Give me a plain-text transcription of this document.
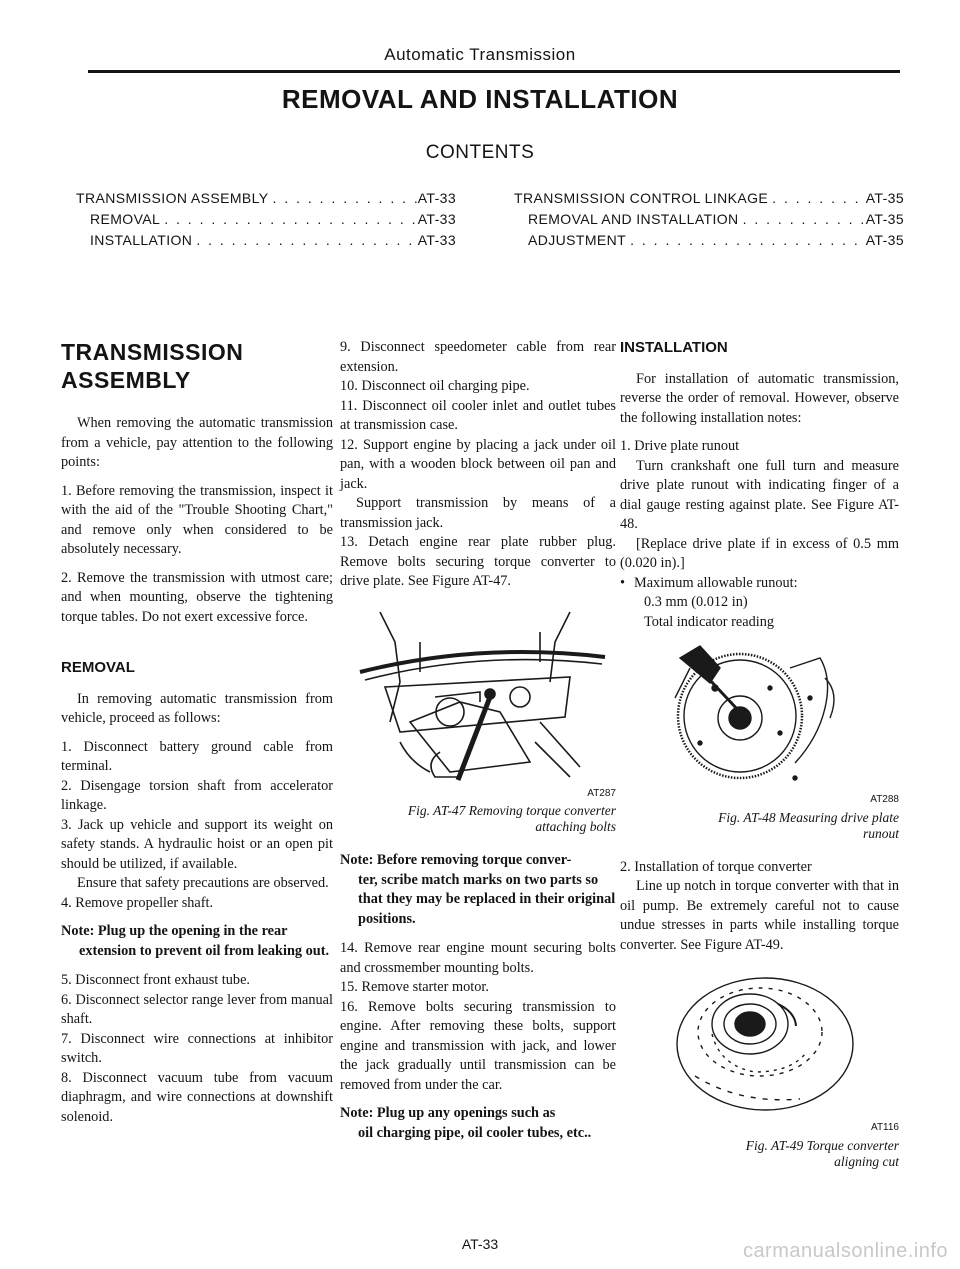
Automatic Transmission
REMOVAL AND INSTALLATION
CONTENTS
TRANSMISSION ASSEMBLY . . .	AT-33
REMOVAL . . .	AT-33
INSTALLATION . . .	AT-33
TRANSMISSION CONTROL LINKAGE . . .	AT-35
REMOVAL AND INSTALLATION . . .	AT-35
ADJUSTMENT . . .	AT-35
TRANSMISSION
ASSEMBLY

When removing the automatic transmission from a vehicle, pay attention to the following points:

1. Before removing the transmission, inspect it with the aid of the "Trouble Shooting Chart," and remove only when considered to be absolutely necessary.

2. Remove the transmission with utmost care; and when mounting, observe the tightening torque tables. Do not exert excessive force.

REMOVAL

In removing automatic transmission from vehicle, proceed as follows:

1. Disconnect battery ground cable from terminal.

2. Disengage torsion shaft from accelerator linkage.

3. Jack up vehicle and support its weight on safety stands. A hydraulic hoist or an open pit should be utilized, if available.

Ensure that safety precautions are observed.

4. Remove propeller shaft.

Note: Plug up the opening in the rear
extension to prevent oil from leaking out.

5. Disconnect front exhaust tube.

6. Disconnect selector range lever from manual shaft.

7. Disconnect wire connections at inhibitor switch.

8. Disconnect vacuum tube from vacuum diaphragm, and wire connections at downshift solenoid.

9. Disconnect speedometer cable from rear extension.

10. Disconnect oil charging pipe.

11. Disconnect oil cooler inlet and outlet tubes at transmission case.

12. Support engine by placing a jack under oil pan, with a wooden block between oil pan and jack.

Support transmission by means of a transmission jack.

13. Detach engine rear plate rubber plug. Remove bolts securing torque converter to drive plate. See Figure AT-47.

AT287
Fig. AT-47 Removing torque converter
attaching bolts
Note: Before removing torque conver-
ter, scribe match marks on two parts so that they may be replaced in their original positions.

14. Remove rear engine mount securing bolts and crossmember mounting bolts.

15. Remove starter motor.

16. Remove bolts securing transmission to engine. After removing these bolts, support engine and transmission with jack, and lower the jack gradually until transmission can be removed from under the car.

Note: Plug up any openings such as
oil charging pipe, oil cooler tubes, etc..
INSTALLATION

For installation of automatic transmission, reverse the order of removal. However, observe the following installation notes:

1. Drive plate runout

Turn crankshaft one full turn and measure drive plate runout with indicating finger of a dial gauge resting against plate. See Figure AT-48.

[Replace drive plate if in excess of 0.5 mm (0.020 in).]

• Maximum allowable runout:
0.3 mm (0.012 in)
Total indicator reading
AT288
Fig. AT-48 Measuring drive plate
runout

2. Installation of torque converter

Line up notch in torque converter with that in oil pump. Be extremely careful not to cause undue stresses in parts while installing torque converter. See Figure AT-49.

AT116
Fig. AT-49 Torque converter
aligning cut
AT-33	carmanualsonline.info
